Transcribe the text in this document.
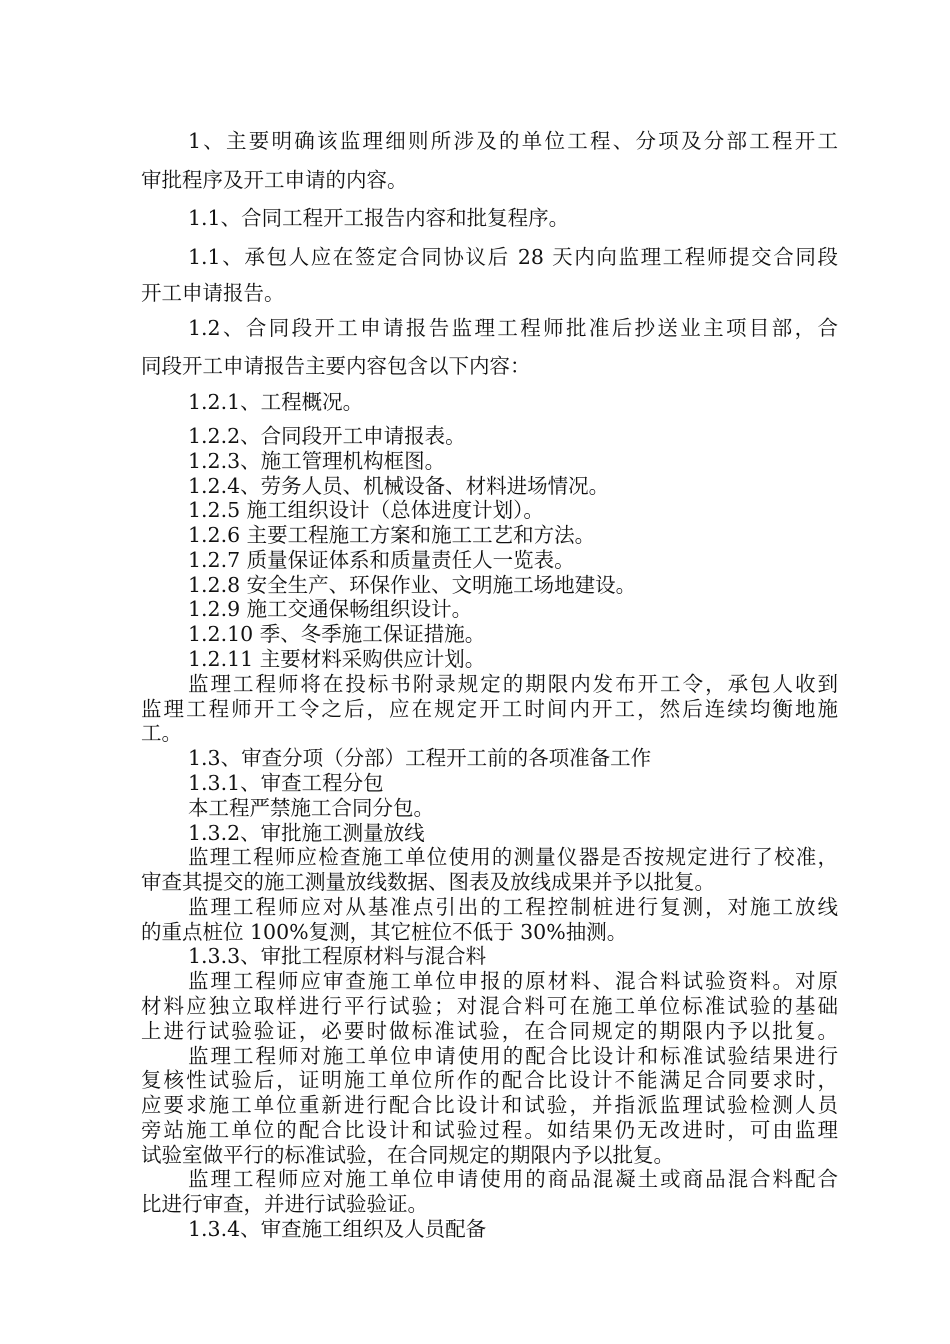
1、主要明确该监理细则所涉及的单位工程、分项及分部工程开工
审批程序及开工申请的内容。
1.1、合同工程开工报告内容和批复程序。
1.1、承包人应在签定合同协议后 28 天内向监理工程师提交合同段
开工申请报告。
1.2、合同段开工申请报告监理工程师批准后抄送业主项目部，合
同段开工申请报告主要内容包含以下内容：
1.2.1、工程概况。
1.2.2、合同段开工申请报表。
1.2.3、施工管理机构框图。
1.2.4、劳务人员、机械设备、材料进场情况。
1.2.5 施工组织设计（总体进度计划）。
1.2.6 主要工程施工方案和施工工艺和方法。
1.2.7 质量保证体系和质量责任人一览表。
1.2.8 安全生产、环保作业、文明施工场地建设。
1.2.9 施工交通保畅组织设计。
1.2.10 季、冬季施工保证措施。
1.2.11 主要材料采购供应计划。
监理工程师将在投标书附录规定的期限内发布开工令，承包人收到
监理工程师开工令之后，应在规定开工时间内开工，然后连续均衡地施
工。
1.3、审查分项（分部）工程开工前的各项准备工作
1.3.1、审查工程分包
本工程严禁施工合同分包。
1.3.2、审批施工测量放线
监理工程师应检查施工单位使用的测量仪器是否按规定进行了校准，
审查其提交的施工测量放线数据、图表及放线成果并予以批复。
监理工程师应对从基准点引出的工程控制桩进行复测，对施工放线
的重点桩位 100%复测，其它桩位不低于 30%抽测。
1.3.3、审批工程原材料与混合料
监理工程师应审查施工单位申报的原材料、混合料试验资料。对原
材料应独立取样进行平行试验；对混合料可在施工单位标准试验的基础
上进行试验验证，必要时做标准试验，在合同规定的期限内予以批复。
监理工程师对施工单位申请使用的配合比设计和标准试验结果进行
复核性试验后，证明施工单位所作的配合比设计不能满足合同要求时，
应要求施工单位重新进行配合比设计和试验，并指派监理试验检测人员
旁站施工单位的配合比设计和试验过程。如结果仍无改进时，可由监理
试验室做平行的标准试验，在合同规定的期限内予以批复。
监理工程师应对施工单位申请使用的商品混凝土或商品混合料配合
比进行审查，并进行试验验证。
1.3.4、审查施工组织及人员配备
